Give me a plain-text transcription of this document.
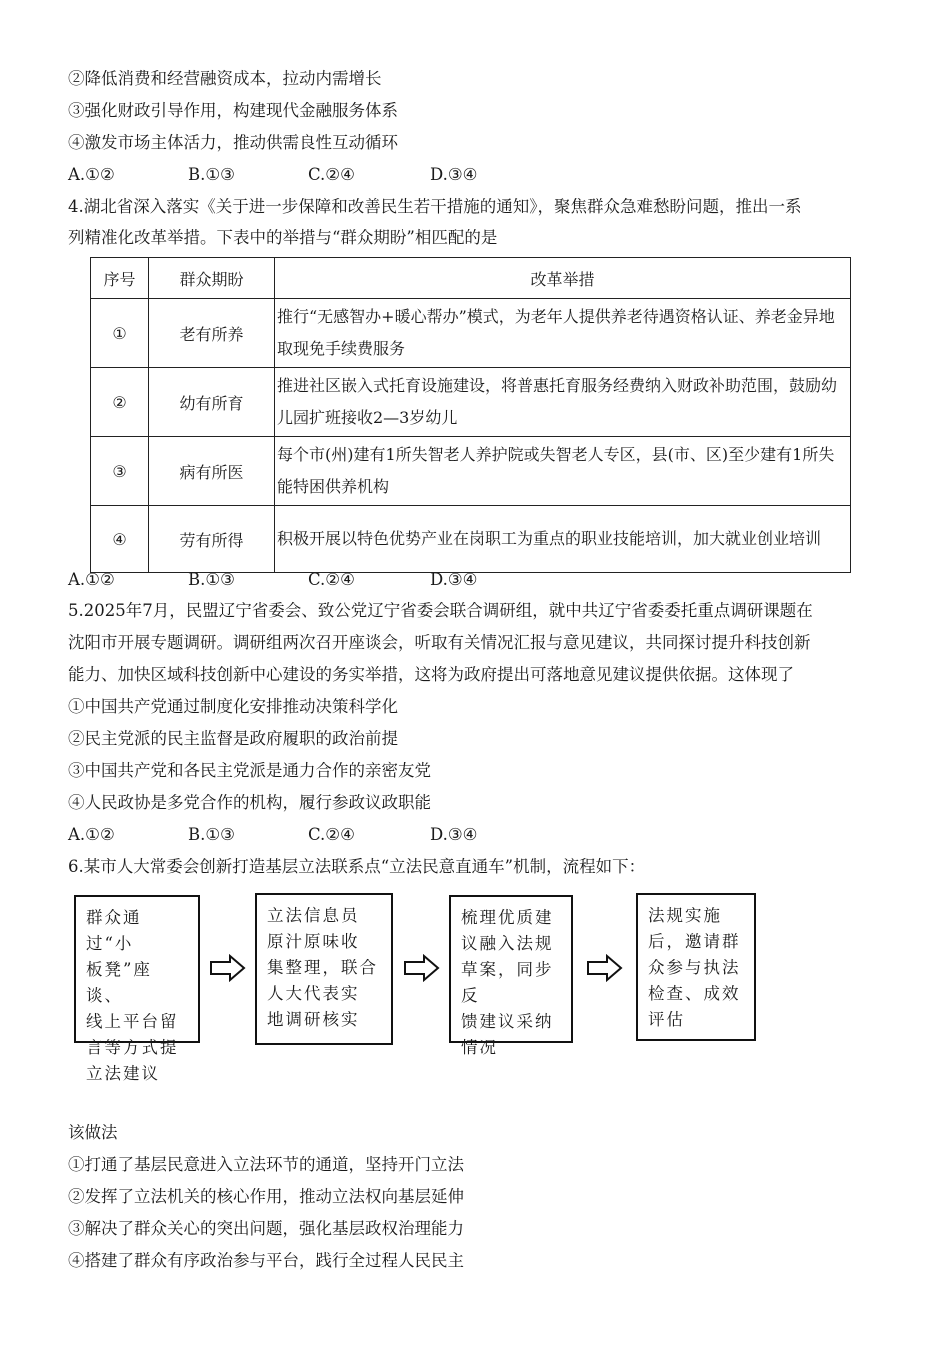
②降低消费和经营融资成本，拉动内需增长
③强化财政引导作用，构建现代金融服务体系
④激发市场主体活力，推动供需良性互动循环
A.①②	B.①③	C.②④	D.③④
4.湖北省深入落实《关于进一步保障和改善民生若干措施的通知》，聚焦群众急难愁盼问题，推出一系
列精准化改革举措。下表中的举措与“群众期盼”相匹配的是
序号	群众期盼	改革举措
①	老有所养	推行“无感智办+暖心帮办”模式，为老年人提供养老待遇资格认证、养老金异地取现免手续费服务
②	幼有所育	推进社区嵌入式托育设施建设，将普惠托育服务经费纳入财政补助范围，鼓励幼儿园扩班接收2—3岁幼儿
③	病有所医	每个市(州)建有1所失智老人养护院或失智老人专区，县(市、区)至少建有1所失能特困供养机构
④	劳有所得	积极开展以特色优势产业在岗职工为重点的职业技能培训，加大就业创业培训
A.①②	B.①③	C.②④	D.③④
5.2025年7月，民盟辽宁省委会、致公党辽宁省委会联合调研组，就中共辽宁省委委托重点调研课题在
沈阳市开展专题调研。调研组两次召开座谈会，听取有关情况汇报与意见建议，共同探讨提升科技创新
能力、加快区域科技创新中心建设的务实举措，这将为政府提出可落地意见建议提供依据。这体现了
①中国共产党通过制度化安排推动决策科学化
②民主党派的民主监督是政府履职的政治前提
③中国共产党和各民主党派是通力合作的亲密友党
④人民政协是多党合作的机构，履行参政议政职能
A.①②	B.①③	C.②④	D.③④
6.某市人大常委会创新打造基层立法联系点“立法民意直通车”机制，流程如下：
群众通过“小
板凳”座谈、
线上平台留
言等方式提
立法建议
立法信息员
原汁原味收
集整理，联合
人大代表实
地调研核实
梳理优质建
议融入法规
草案，同步反
馈建议采纳
情况
法规实施
后，邀请群
众参与执法
检查、成效
评估
该做法
①打通了基层民意进入立法环节的通道，坚持开门立法
②发挥了立法机关的核心作用，推动立法权向基层延伸
③解决了群众关心的突出问题，强化基层政权治理能力
④搭建了群众有序政治参与平台，践行全过程人民民主
